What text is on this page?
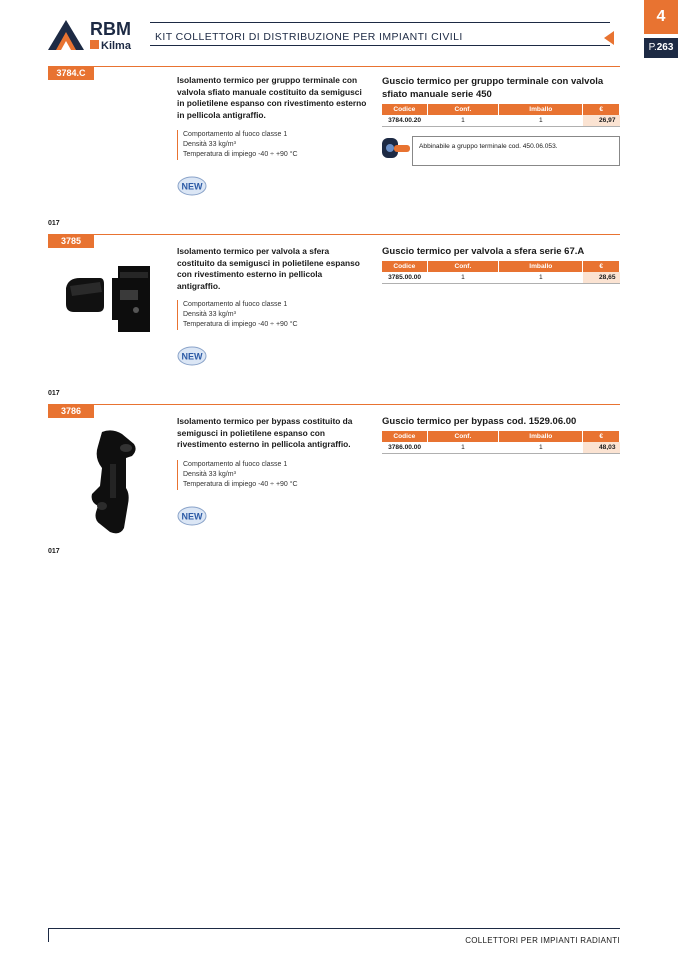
RBM
Kilma
KIT COLLETTORI DI DISTRIBUZIONE PER IMPIANTI CIVILI
4
P.263
3784.C
Isolamento termico per gruppo terminale con valvola sfiato manuale costituito da semigusci in polietilene espanso con rivestimento esterno in pellicola antigraffio.
Comportamento al fuoco classe 1
Densità 33 kg/m³
Temperatura di impiego -40 ÷ +90 °C
NEW
Guscio termico per gruppo terminale con valvola sfiato manuale serie 450
Codice	Conf.	Imballo	€
3784.00.20	1	1	26,97
Abbinabile a gruppo terminale cod. 450.06.053.
017
3785
Isolamento termico per valvola a sfera costituito da semigusci in polietilene espanso con rivestimento esterno in pellicola antigraffio.
Comportamento al fuoco classe 1
Densità 33 kg/m³
Temperatura di impiego -40 ÷ +90 °C
NEW
Guscio termico per valvola a sfera serie 67.A
Codice	Conf.	Imballo	€
3785.00.00	1	1	28,65
017
3786
Isolamento termico per bypass costituito da semigusci in polietilene espanso con rivestimento esterno in pellicola antigraffio.
Comportamento al fuoco classe 1
Densità 33 kg/m³
Temperatura di impiego -40 ÷ +90 °C
NEW
Guscio termico per bypass cod. 1529.06.00
Codice	Conf.	Imballo	€
3786.00.00	1	1	48,03
017
COLLETTORI PER IMPIANTI RADIANTI
